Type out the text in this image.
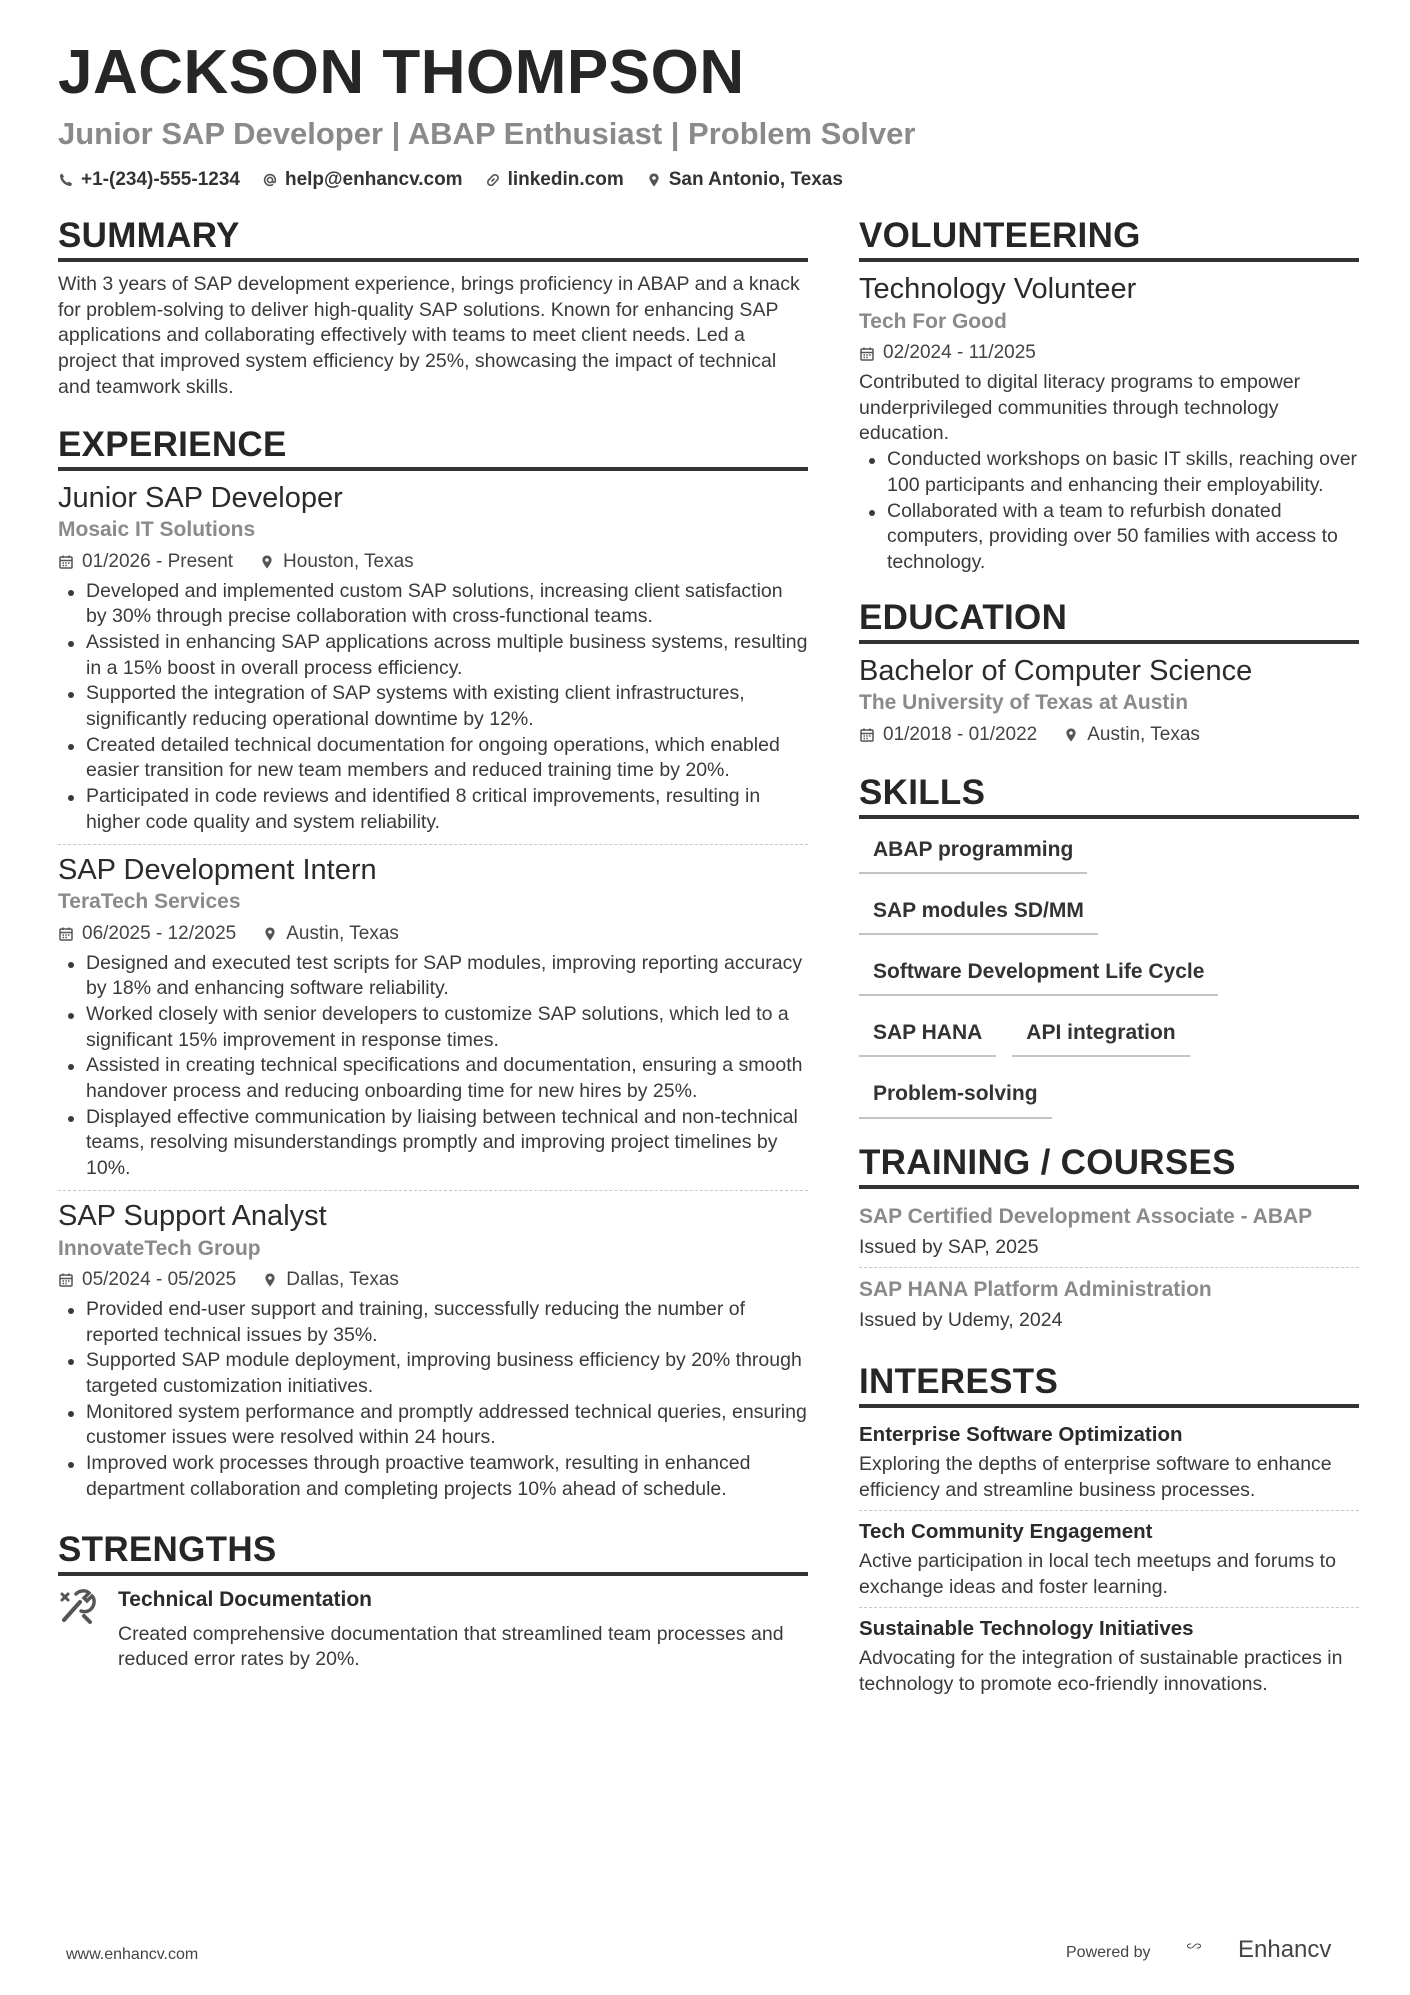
JACKSON THOMPSON
Junior SAP Developer | ABAP Enthusiast | Problem Solver
+1-(234)-555-1234 help@enhancv.com linkedin.com San Antonio, Texas
SUMMARY
With 3 years of SAP development experience, brings proficiency in ABAP and a knack for problem-solving to deliver high-quality SAP solutions. Known for enhancing SAP applications and collaborating effectively with teams to meet client needs. Led a project that improved system efficiency by 25%, showcasing the impact of technical and teamwork skills.
EXPERIENCE
Junior SAP Developer
Mosaic IT Solutions
01/2026 - Present	Houston, Texas
Developed and implemented custom SAP solutions, increasing client satisfaction by 30% through precise collaboration with cross-functional teams.
Assisted in enhancing SAP applications across multiple business systems, resulting in a 15% boost in overall process efficiency.
Supported the integration of SAP systems with existing client infrastructures, significantly reducing operational downtime by 12%.
Created detailed technical documentation for ongoing operations, which enabled easier transition for new team members and reduced training time by 20%.
Participated in code reviews and identified 8 critical improvements, resulting in higher code quality and system reliability.
SAP Development Intern
TeraTech Services
06/2025 - 12/2025	Austin, Texas
Designed and executed test scripts for SAP modules, improving reporting accuracy by 18% and enhancing software reliability.
Worked closely with senior developers to customize SAP solutions, which led to a significant 15% improvement in response times.
Assisted in creating technical specifications and documentation, ensuring a smooth handover process and reducing onboarding time for new hires by 25%.
Displayed effective communication by liaising between technical and non-technical teams, resolving misunderstandings promptly and improving project timelines by 10%.
SAP Support Analyst
InnovateTech Group
05/2024 - 05/2025	Dallas, Texas
Provided end-user support and training, successfully reducing the number of reported technical issues by 35%.
Supported SAP module deployment, improving business efficiency by 20% through targeted customization initiatives.
Monitored system performance and promptly addressed technical queries, ensuring customer issues were resolved within 24 hours.
Improved work processes through proactive teamwork, resulting in enhanced department collaboration and completing projects 10% ahead of schedule.
STRENGTHS
Technical Documentation
Created comprehensive documentation that streamlined team processes and reduced error rates by 20%.
VOLUNTEERING
Technology Volunteer
Tech For Good
02/2024 - 11/2025
Contributed to digital literacy programs to empower underprivileged communities through technology education.
Conducted workshops on basic IT skills, reaching over 100 participants and enhancing their employability.
Collaborated with a team to refurbish donated computers, providing over 50 families with access to technology.
EDUCATION
Bachelor of Computer Science
The University of Texas at Austin
01/2018 - 01/2022	Austin, Texas
SKILLS
ABAP programming
SAP modules SD/MM
Software Development Life Cycle
SAP HANA	API integration
Problem-solving
TRAINING / COURSES
SAP Certified Development Associate - ABAP
Issued by SAP, 2025
SAP HANA Platform Administration
Issued by Udemy, 2024
INTERESTS
Enterprise Software Optimization
Exploring the depths of enterprise software to enhance efficiency and streamline business processes.
Tech Community Engagement
Active participation in local tech meetups and forums to exchange ideas and foster learning.
Sustainable Technology Initiatives
Advocating for the integration of sustainable practices in technology to promote eco-friendly innovations.
www.enhancv.com	Powered by	Enhancv
